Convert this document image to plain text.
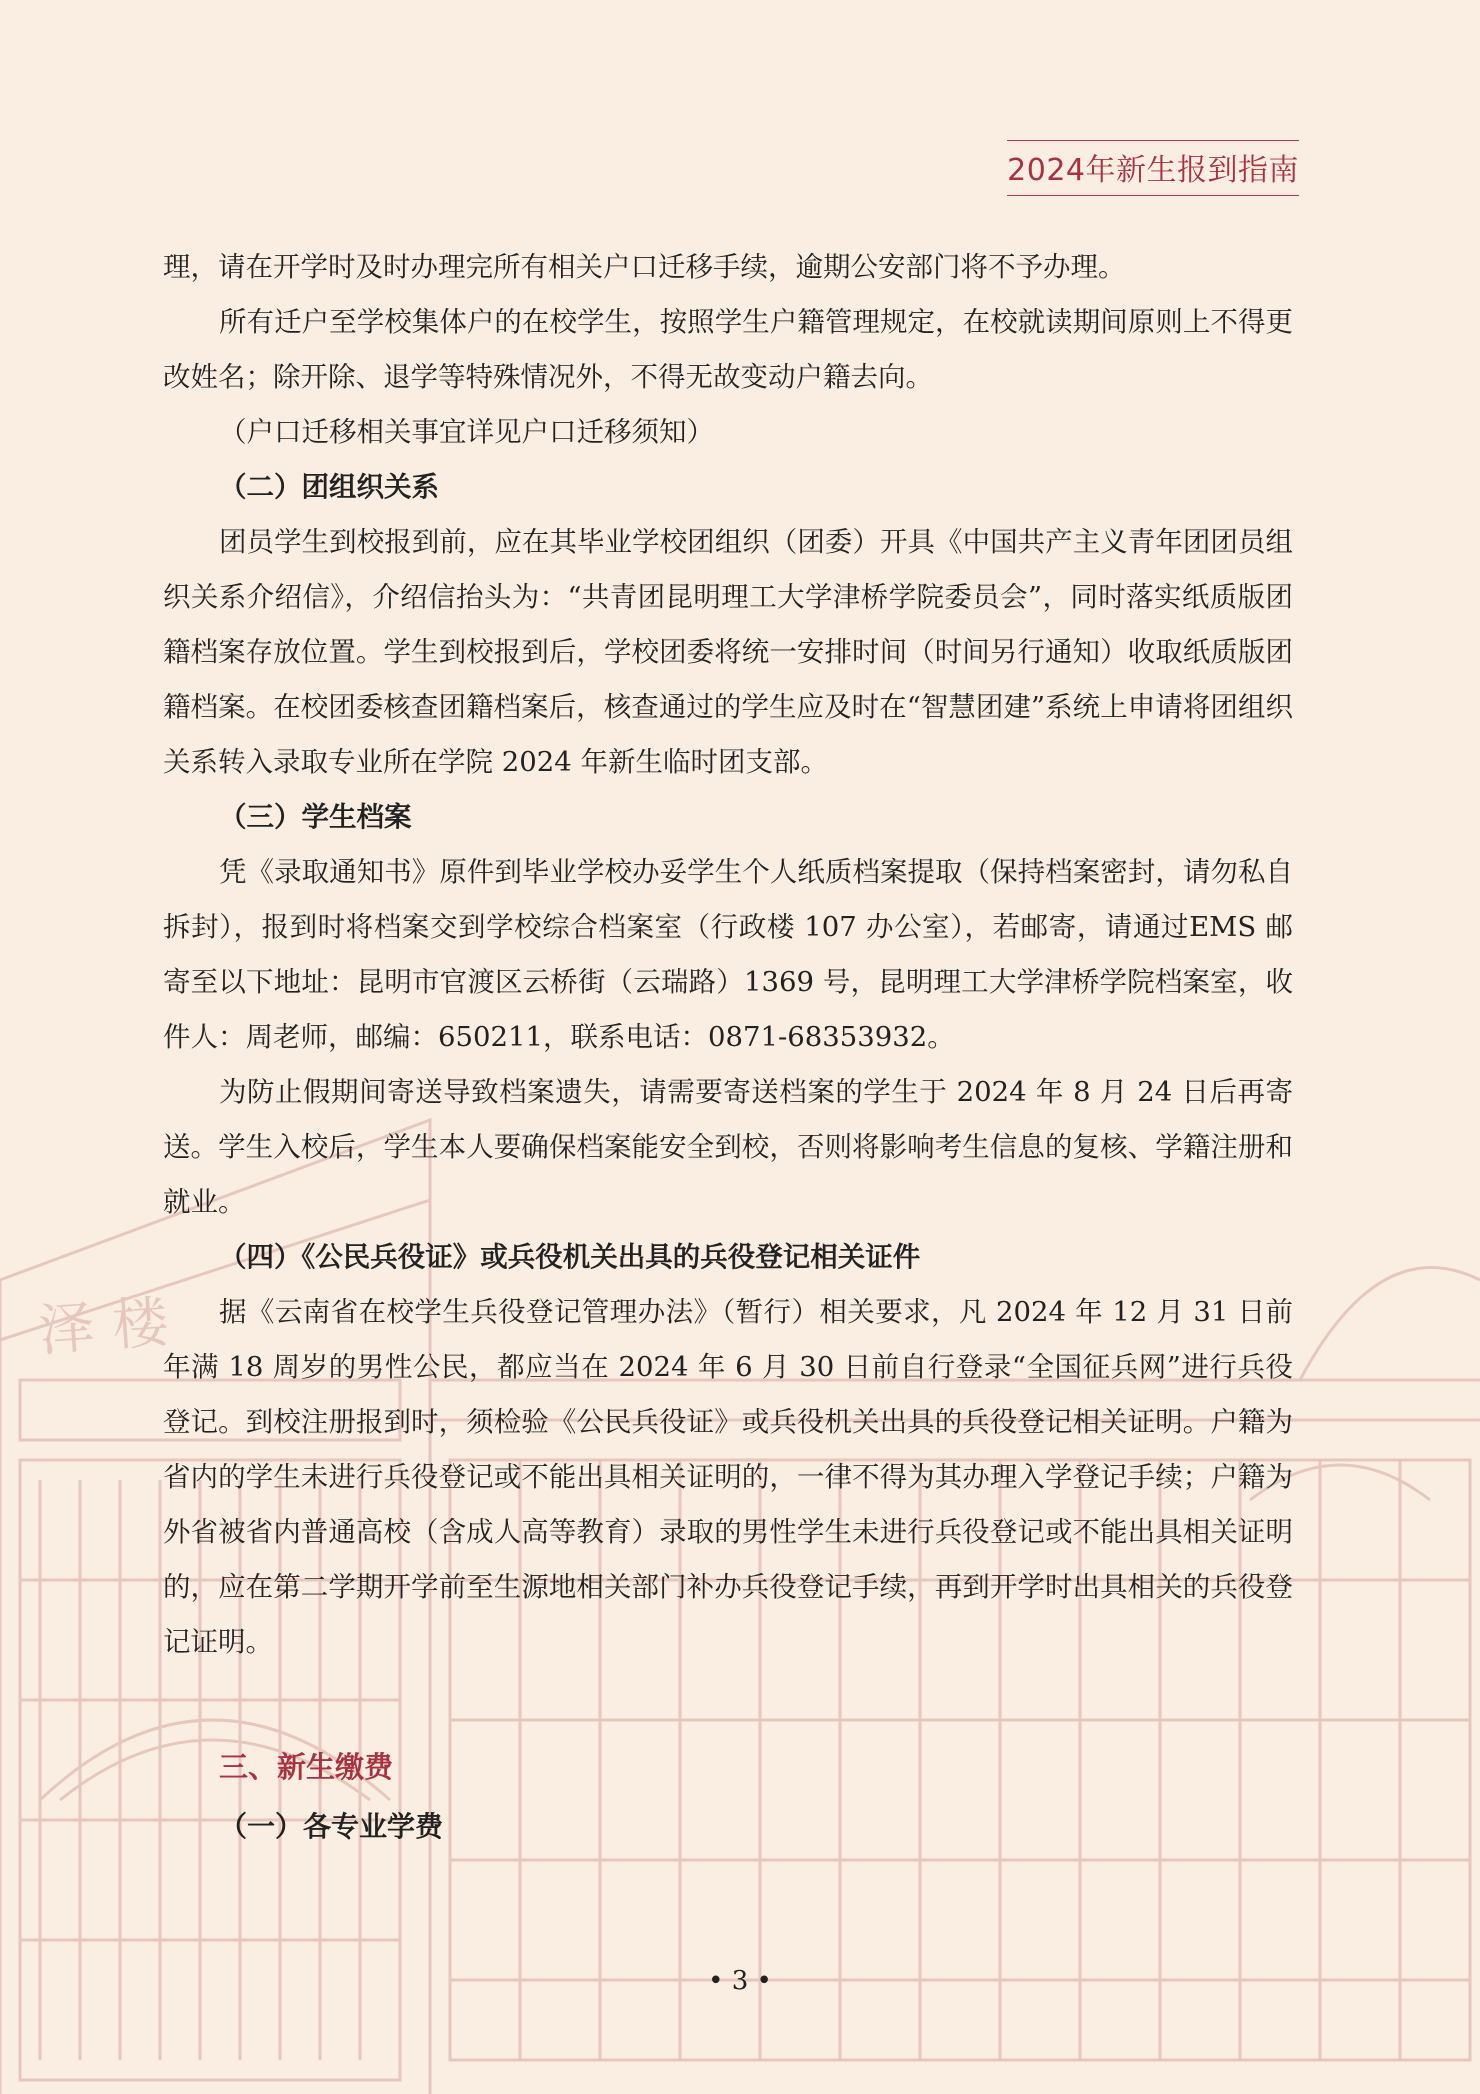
泽 楼
2024年新生报到指南

理，请在开学时及时办理完所有相关户口迁移手续，逾期公安部门将不予办理。

所有迁户至学校集体户的在校学生，按照学生户籍管理规定，在校就读期间原则上不得更改姓名；除开除、退学等特殊情况外，不得无故变动户籍去向。

（户口迁移相关事宜详见户口迁移须知）

（二）团组织关系

团员学生到校报到前，应在其毕业学校团组织（团委）开具《中国共产主义青年团团员组织关系介绍信》，介绍信抬头为：“共青团昆明理工大学津桥学院委员会”，同时落实纸质版团籍档案存放位置。学生到校报到后，学校团委将统一安排时间（时间另行通知）收取纸质版团籍档案。在校团委核查团籍档案后，核查通过的学生应及时在“智慧团建”系统上申请将团组织关系转入录取专业所在学院 2024 年新生临时团支部。

（三）学生档案

凭《录取通知书》原件到毕业学校办妥学生个人纸质档案提取（保持档案密封，请勿私自拆封），报到时将档案交到学校综合档案室（行政楼 107 办公室），若邮寄，请通过EMS 邮寄至以下地址：昆明市官渡区云桥街（云瑞路）1369 号，昆明理工大学津桥学院档案室，收件人：周老师，邮编：650211，联系电话：0871-68353932。

为防止假期间寄送导致档案遗失，请需要寄送档案的学生于 2024 年 8 月 24 日后再寄送。学生入校后，学生本人要确保档案能安全到校，否则将影响考生信息的复核、学籍注册和就业。

（四）《公民兵役证》或兵役机关出具的兵役登记相关证件

据《云南省在校学生兵役登记管理办法》（暂行）相关要求，凡 2024 年 12 月 31 日前年满 18 周岁的男性公民，都应当在 2024 年 6 月 30 日前自行登录“全国征兵网”进行兵役登记。到校注册报到时，须检验《公民兵役证》或兵役机关出具的兵役登记相关证明。户籍为省内的学生未进行兵役登记或不能出具相关证明的，一律不得为其办理入学登记手续；户籍为外省被省内普通高校（含成人高等教育）录取的男性学生未进行兵役登记或不能出具相关证明的，应在第二学期开学前至生源地相关部门补办兵役登记手续，再到开学时出具相关的兵役登记证明。

三、新生缴费
（一）各专业学费
• 3 •
